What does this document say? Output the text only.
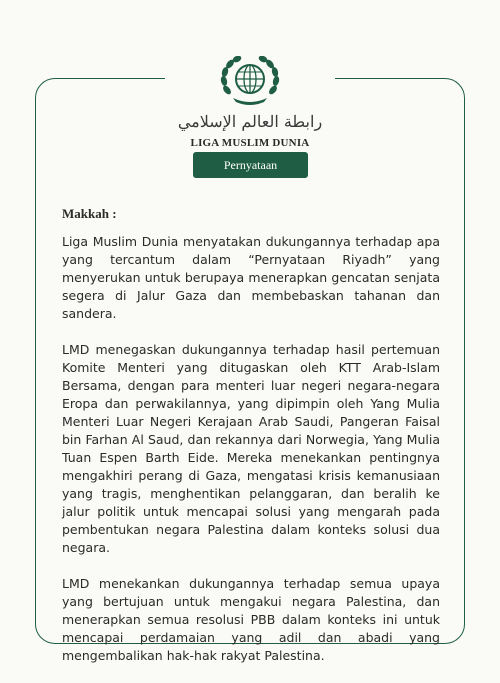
رابطة العالم الإسلامي
LIGA MUSLIM DUNIA
Pernyataan

Makkah :

Liga Muslim Dunia menyatakan dukungannya terhadap apa yang tercantum dalam “Pernyataan Riyadh” yang menyerukan untuk berupaya menerapkan gencatan senjata segera di Jalur Gaza dan membebaskan tahanan dan sandera.

LMD menegaskan dukungannya terhadap hasil pertemuan Komite Menteri yang ditugaskan oleh KTT Arab-Islam Bersama, dengan para menteri luar negeri negara-negara Eropa dan perwakilannya, yang dipimpin oleh Yang Mulia Menteri Luar Negeri Kerajaan Arab Saudi, Pangeran Faisal bin Farhan Al Saud, dan rekannya dari Norwegia, Yang Mulia Tuan Espen Barth Eide. Mereka menekankan pentingnya mengakhiri perang di Gaza, mengatasi krisis kemanusiaan yang tragis, menghentikan pelanggaran, dan beralih ke jalur politik untuk mencapai solusi yang mengarah pada pembentukan negara Palestina dalam konteks solusi dua negara.

LMD menekankan dukungannya terhadap semua upaya yang bertujuan untuk mengakui negara Palestina, dan menerapkan semua resolusi PBB dalam konteks ini untuk mencapai perdamaian yang adil dan abadi yang mengembalikan hak-hak rakyat Palestina.
